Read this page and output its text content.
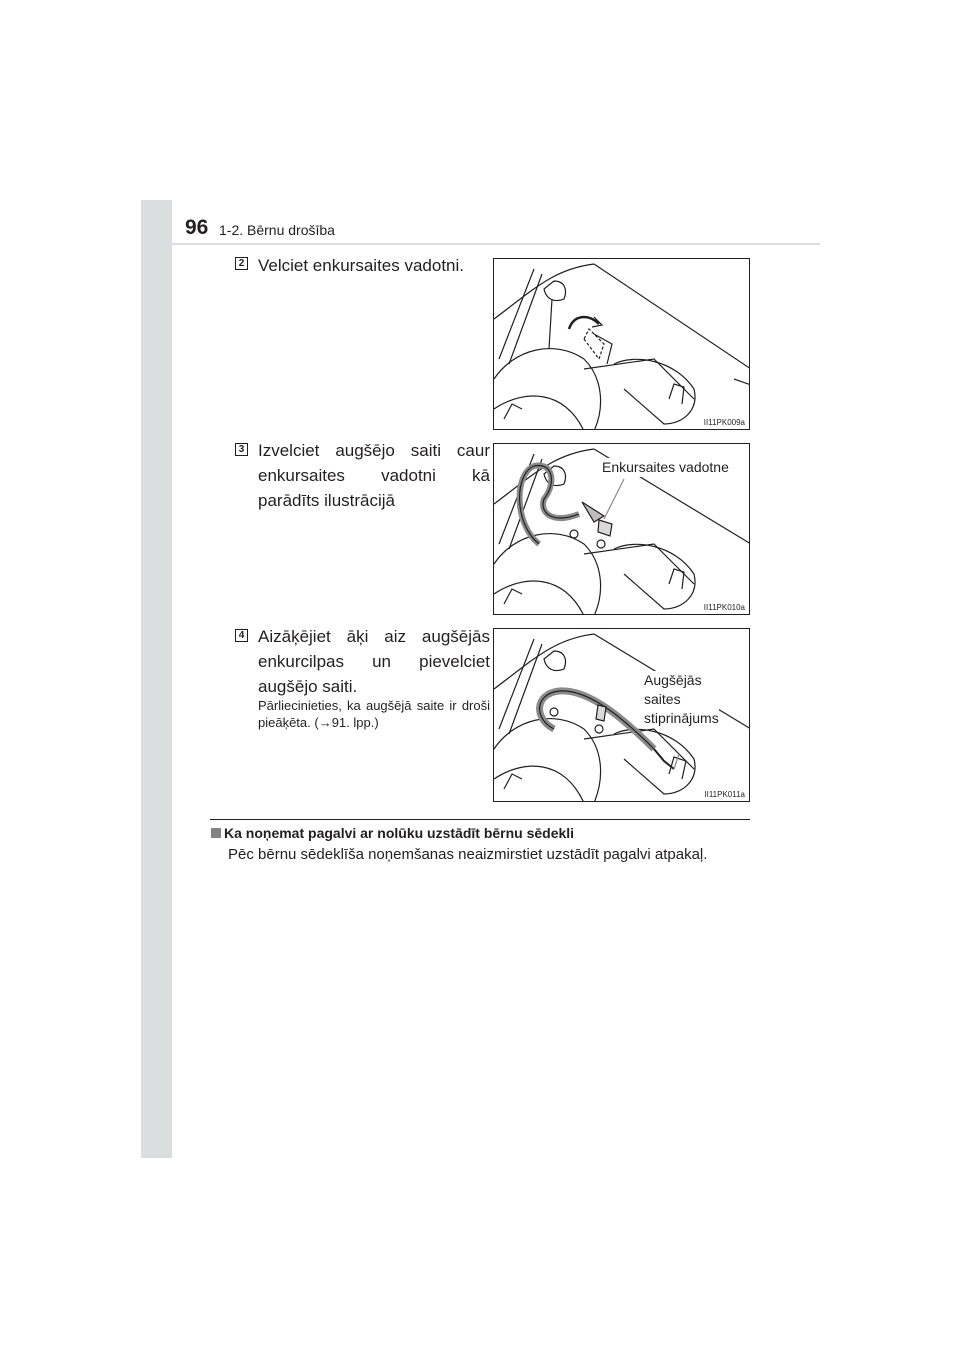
96 1-2. Bērnu drošība
2 Velciet enkursaites vadotni.
II11PK009a
3 Izvelciet augšējo saiti caur enkursaites vadotni kā parādīts ilustrācijā
Enkursaites vadotne
II11PK010a
4 Aizāķējiet āķi aiz augšējās enkurcilpas un pievelciet augšējo saiti.
Pārliecinieties, ka augšējā saite ir droši pieāķēta. (→91. lpp.)
Augšējās
saites
stiprinājums
II11PK011a
Ka noņemat pagalvi ar nolūku uzstādīt bērnu sēdekli
Pēc bērnu sēdeklīša noņemšanas neaizmirstiet uzstādīt pagalvi atpakaļ.
